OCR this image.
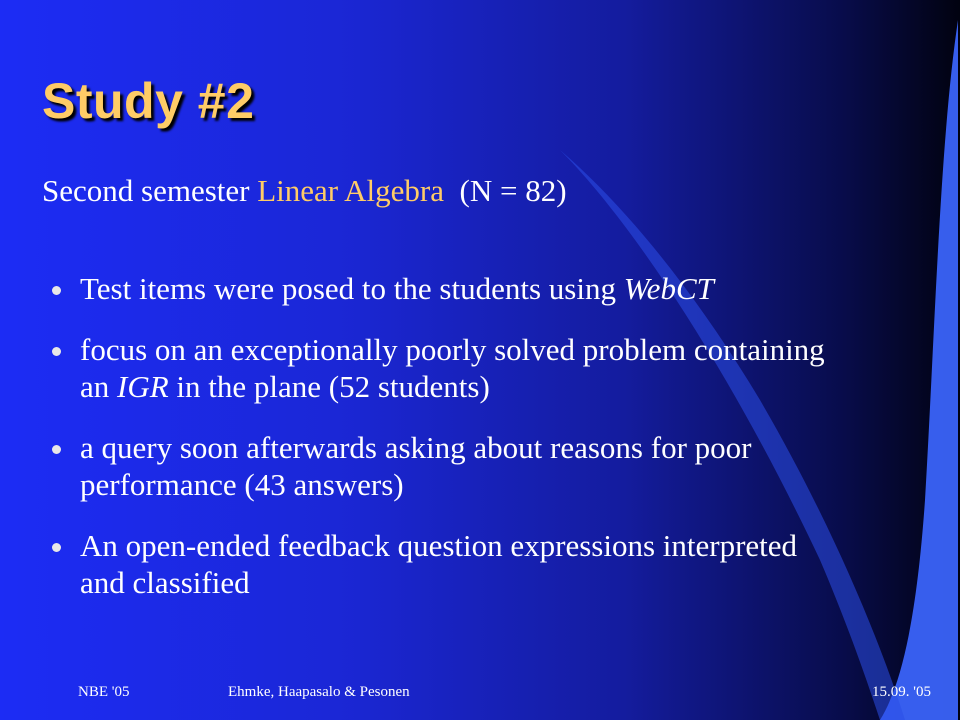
Study #2
Second semester Linear Algebra  (N = 82)
Test items were posed to the students using WebCT
focus on an exceptionally poorly solved problem containing an IGR in the plane (52 students)
a query soon afterwards asking about reasons for poor performance (43 answers)
An open-ended feedback question expressions interpreted and classified
NBE '05	Ehmke, Haapasalo & Pesonen	15.09. '05
